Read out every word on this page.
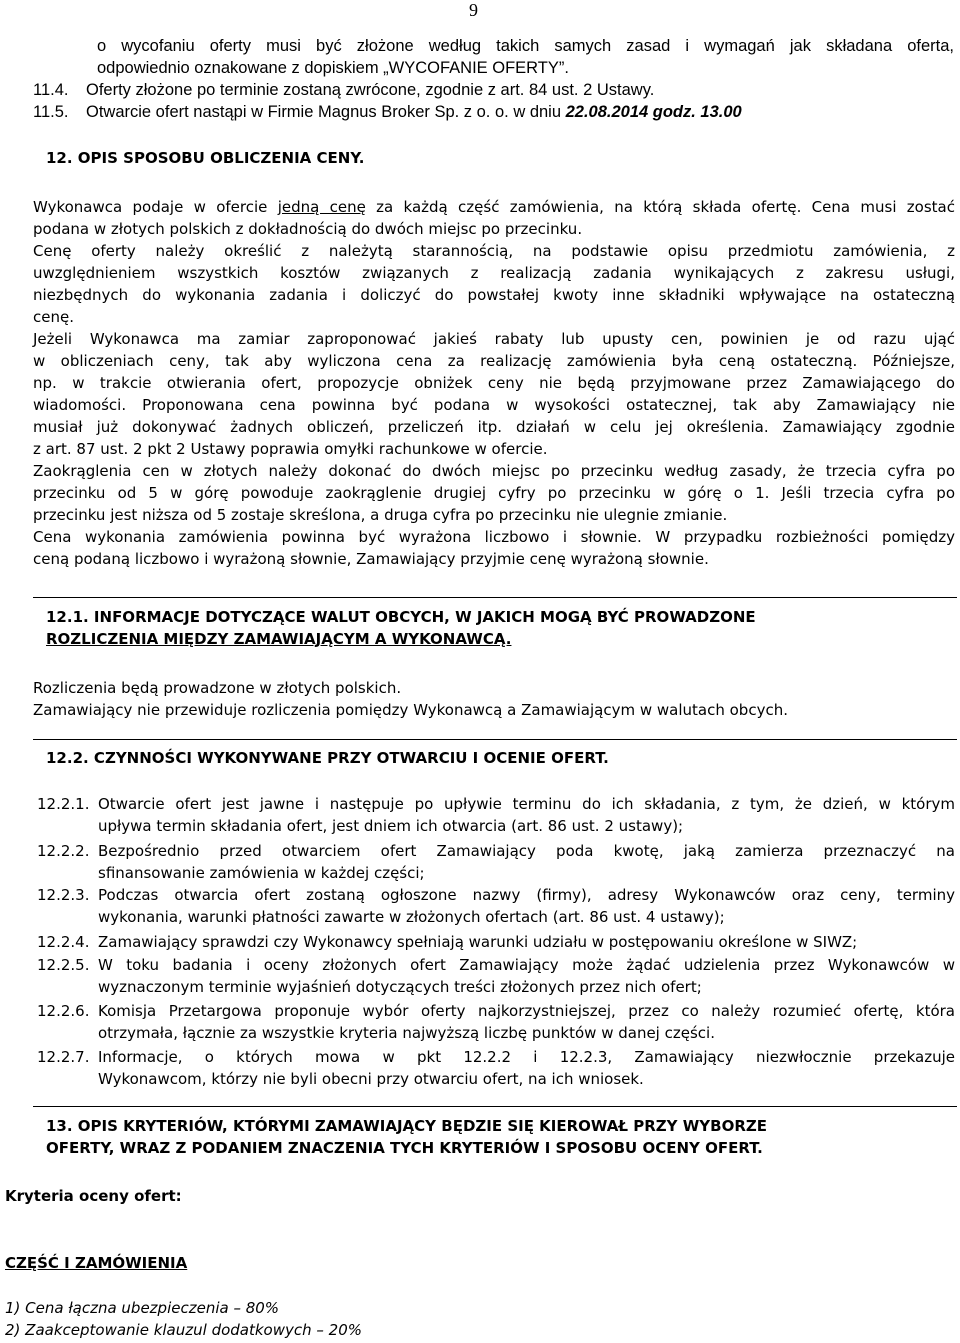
9
o wycofaniu oferty musi być złożone według takich samych zasad i wymagań jak składana oferta,
odpowiednio oznakowane z dopiskiem „WYCOFANIE OFERTY”.
11.4. Oferty złożone po terminie zostaną zwrócone, zgodnie z art. 84 ust. 2 Ustawy.
11.5. Otwarcie ofert nastąpi w Firmie Magnus Broker Sp. z o. o. w dniu 22.08.2014 godz. 13.00
12. OPIS SPOSOBU OBLICZENIA CENY.
Wykonawca podaje w ofercie jedną cenę za każdą część zamówienia, na którą składa ofertę. Cena musi zostać
podana w złotych polskich z dokładnością do dwóch miejsc po przecinku.
Cenę oferty należy określić z należytą starannością, na podstawie opisu przedmiotu zamówienia, z
uwzględnieniem wszystkich kosztów związanych z realizacją zadania wynikających z zakresu usługi,
niezbędnych do wykonania zadania i doliczyć do powstałej kwoty inne składniki wpływające na ostateczną
cenę.
Jeżeli Wykonawca ma zamiar zaproponować jakieś rabaty lub upusty cen, powinien je od razu ująć
w obliczeniach ceny, tak aby wyliczona cena za realizację zamówienia była ceną ostateczną. Późniejsze,
np. w trakcie otwierania ofert, propozycje obniżek ceny nie będą przyjmowane przez Zamawiającego do
wiadomości. Proponowana cena powinna być podana w wysokości ostatecznej, tak aby Zamawiający nie
musiał już dokonywać żadnych obliczeń, przeliczeń itp. działań w celu jej określenia. Zamawiający zgodnie
z art. 87 ust. 2 pkt 2 Ustawy poprawia omyłki rachunkowe w ofercie.
Zaokrąglenia cen w złotych należy dokonać do dwóch miejsc po przecinku według zasady, że trzecia cyfra po
przecinku od 5 w górę powoduje zaokrąglenie drugiej cyfry po przecinku w górę o 1. Jeśli trzecia cyfra po
przecinku jest niższa od 5 zostaje skreślona, a druga cyfra po przecinku nie ulegnie zmianie.
Cena wykonania zamówienia powinna być wyrażona liczbowo i słownie. W przypadku rozbieżności pomiędzy
ceną podaną liczbowo i wyrażoną słownie, Zamawiający przyjmie cenę wyrażoną słownie.
12.1. INFORMACJE DOTYCZĄCE WALUT OBCYCH, W JAKICH MOGĄ BYĆ PROWADZONE
ROZLICZENIA MIĘDZY ZAMAWIAJĄCYM A WYKONAWCĄ.
Rozliczenia będą prowadzone w złotych polskich.
Zamawiający nie przewiduje rozliczenia pomiędzy Wykonawcą a Zamawiającym w walutach obcych.
12.2. CZYNNOŚCI WYKONYWANE PRZY OTWARCIU I OCENIE OFERT.
12.2.1. Otwarcie ofert jest jawne i następuje po upływie terminu do ich składania, z tym, że dzień, w którym
upływa termin składania ofert, jest dniem ich otwarcia (art. 86 ust. 2 ustawy);
12.2.2. Bezpośrednio przed otwarciem ofert Zamawiający poda kwotę, jaką zamierza przeznaczyć na
sfinansowanie zamówienia w każdej części;
12.2.3. Podczas otwarcia ofert zostaną ogłoszone nazwy (firmy), adresy Wykonawców oraz ceny, terminy
wykonania, warunki płatności zawarte w złożonych ofertach (art. 86 ust. 4 ustawy);
12.2.4. Zamawiający sprawdzi czy Wykonawcy spełniają warunki udziału w postępowaniu określone w SIWZ;
12.2.5. W toku badania i oceny złożonych ofert Zamawiający może żądać udzielenia przez Wykonawców w
wyznaczonym terminie wyjaśnień dotyczących treści złożonych przez nich ofert;
12.2.6. Komisja Przetargowa proponuje wybór oferty najkorzystniejszej, przez co należy rozumieć ofertę, która
otrzymała, łącznie za wszystkie kryteria najwyższą liczbę punktów w danej części.
12.2.7. Informacje, o których mowa w pkt 12.2.2 i 12.2.3, Zamawiający niezwłocznie przekazuje
Wykonawcom, którzy nie byli obecni przy otwarciu ofert, na ich wniosek.
13. OPIS KRYTERIÓW, KTÓRYMI ZAMAWIAJĄCY BĘDZIE SIĘ KIEROWAŁ PRZY WYBORZE
OFERTY, WRAZ Z PODANIEM ZNACZENIA TYCH KRYTERIÓW I SPOSOBU OCENY OFERT.
Kryteria oceny ofert:
CZĘŚĆ I ZAMÓWIENIA
1) Cena łączna ubezpieczenia – 80%
2) Zaakceptowanie klauzul dodatkowych – 20%
